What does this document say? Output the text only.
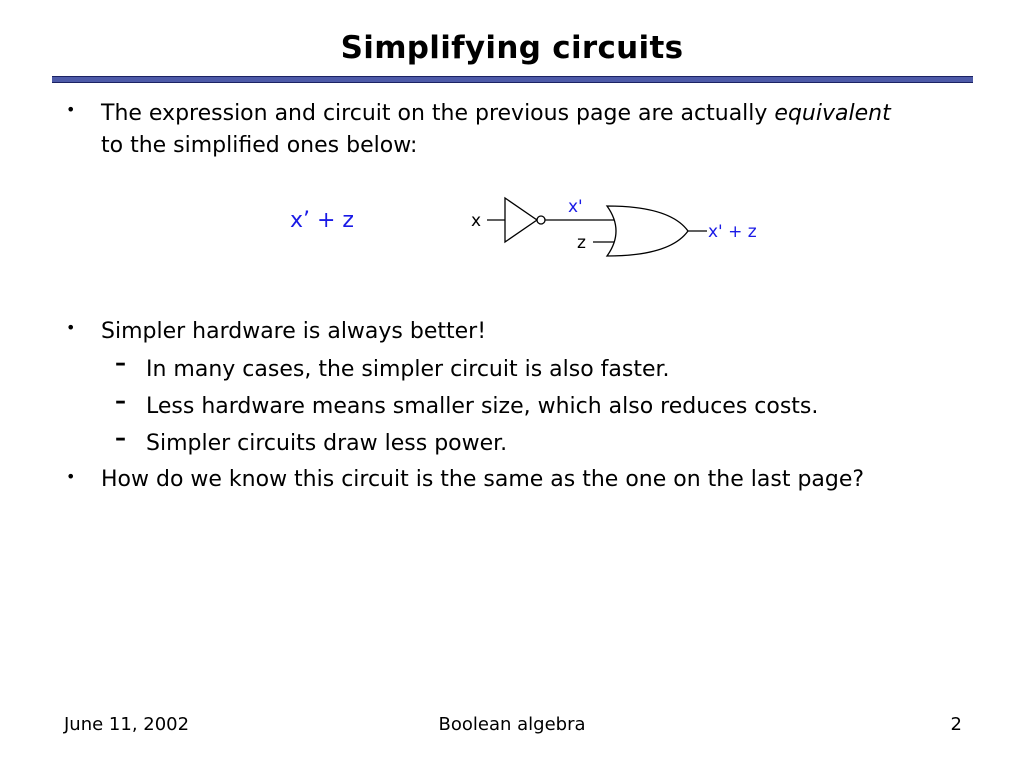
Simplifying circuits
• The expression and circuit on the previous page are actually equivalent
to the simplified ones below:
x’ + z	x
x'
z
x' + z
• Simpler hardware is always better!
– In many cases, the simpler circuit is also faster.
– Less hardware means smaller size, which also reduces costs.
– Simpler circuits draw less power.
• How do we know this circuit is the same as the one on the last page?
June 11, 2002	Boolean algebra	2
